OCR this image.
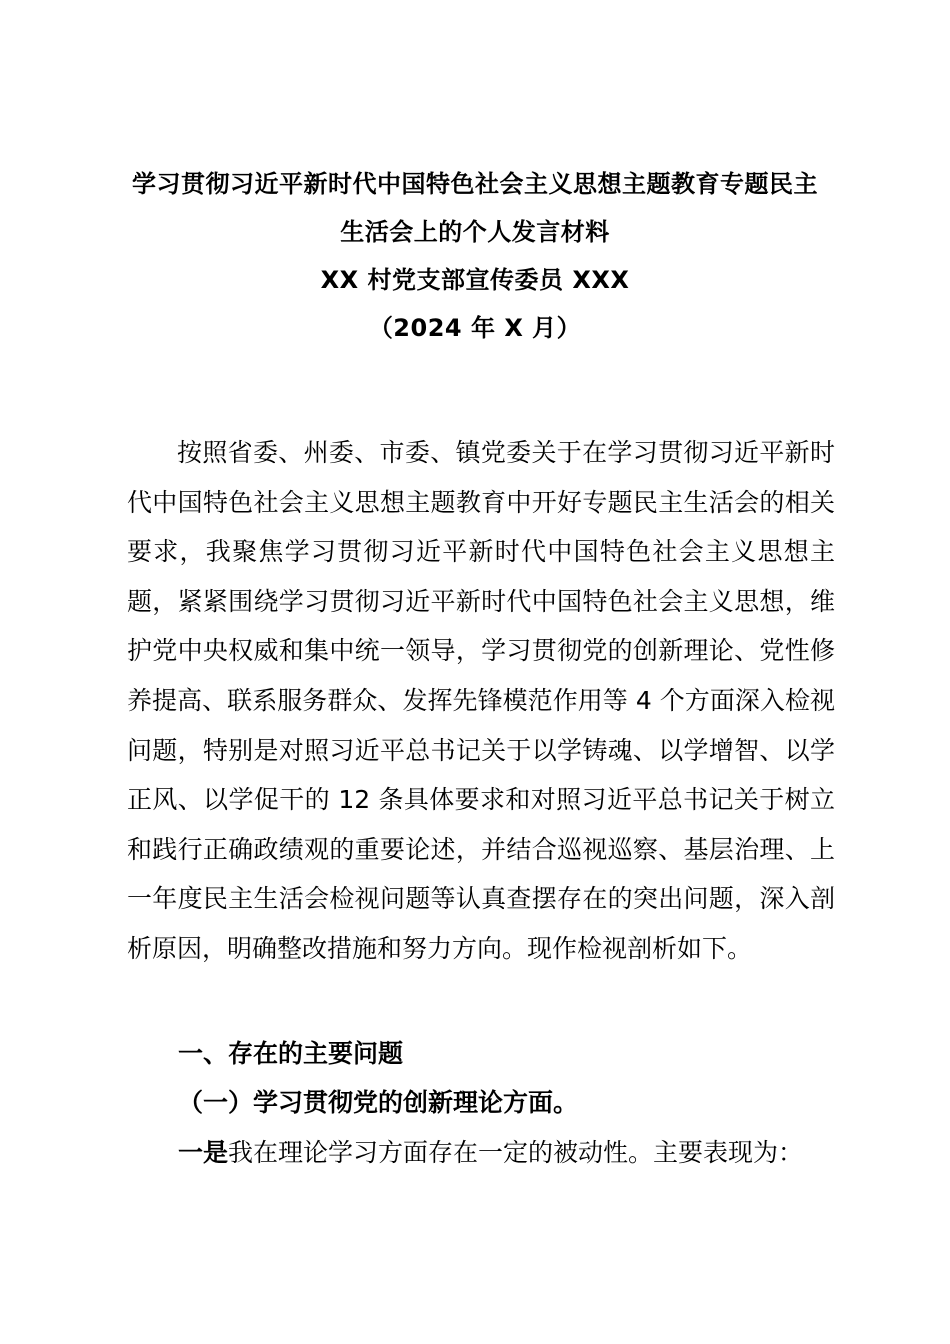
学习贯彻习近平新时代中国特色社会主义思想主题教育专题民主
生活会上的个人发言材料
XX 村党支部宣传委员 XXX
（2024 年 X 月）

按照省委、州委、市委、镇党委关于在学习贯彻习近平新时代中国特色社会主义思想主题教育中开好专题民主生活会的相关要求，我聚焦学习贯彻习近平新时代中国特色社会主义思想主题，紧紧围绕学习贯彻习近平新时代中国特色社会主义思想，维护党中央权威和集中统一领导，学习贯彻党的创新理论、党性修养提高、联系服务群众、发挥先锋模范作用等 4 个方面深入检视问题，特别是对照习近平总书记关于以学铸魂、以学增智、以学正风、以学促干的 12 条具体要求和对照习近平总书记关于树立和践行正确政绩观的重要论述，并结合巡视巡察、基层治理、上一年度民主生活会检视问题等认真查摆存在的突出问题，深入剖析原因，明确整改措施和努力方向。现作检视剖析如下。

一、存在的主要问题
（一）学习贯彻党的创新理论方面。
一是我在理论学习方面存在一定的被动性。主要表现为：
